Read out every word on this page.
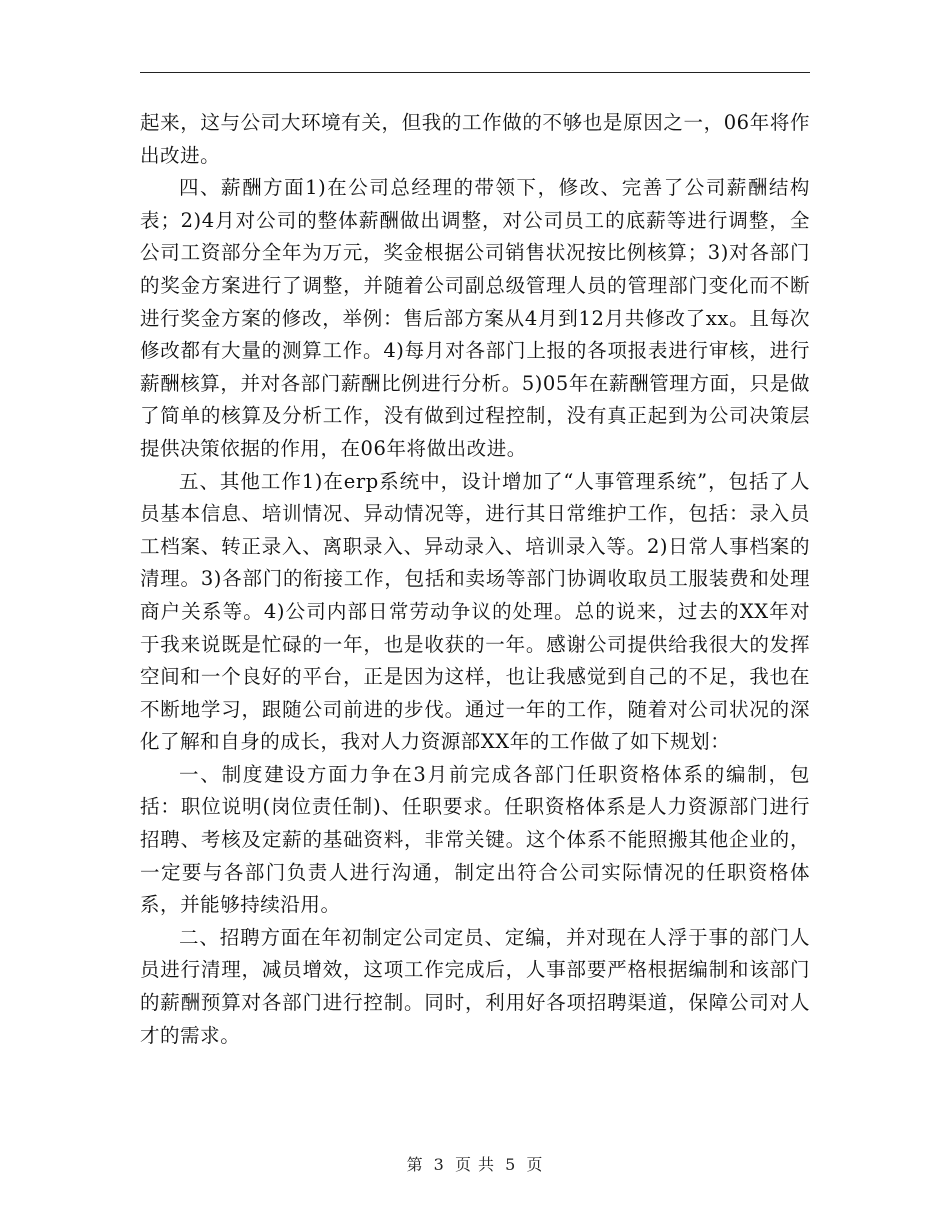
起来，这与公司大环境有关，但我的工作做的不够也是原因之一，06年将作出改进。

四、薪酬方面1)在公司总经理的带领下，修改、完善了公司薪酬结构表；2)4月对公司的整体薪酬做出调整，对公司员工的底薪等进行调整，全公司工资部分全年为万元，奖金根据公司销售状况按比例核算；3)对各部门的奖金方案进行了调整，并随着公司副总级管理人员的管理部门变化而不断进行奖金方案的修改，举例：售后部方案从4月到12月共修改了xx。且每次修改都有大量的测算工作。4)每月对各部门上报的各项报表进行审核，进行薪酬核算，并对各部门薪酬比例进行分析。5)05年在薪酬管理方面，只是做了简单的核算及分析工作，没有做到过程控制，没有真正起到为公司决策层提供决策依据的作用，在06年将做出改进。

五、其他工作1)在erp系统中，设计增加了“人事管理系统”，包括了人员基本信息、培训情况、异动情况等，进行其日常维护工作，包括：录入员工档案、转正录入、离职录入、异动录入、培训录入等。2)日常人事档案的清理。3)各部门的衔接工作，包括和卖场等部门协调收取员工服装费和处理商户关系等。4)公司内部日常劳动争议的处理。总的说来，过去的XX年对于我来说既是忙碌的一年，也是收获的一年。感谢公司提供给我很大的发挥空间和一个良好的平台，正是因为这样，也让我感觉到自己的不足，我也在不断地学习，跟随公司前进的步伐。通过一年的工作，随着对公司状况的深化了解和自身的成长，我对人力资源部XX年的工作做了如下规划：

一、制度建设方面力争在3月前完成各部门任职资格体系的编制，包括：职位说明(岗位责任制)、任职要求。任职资格体系是人力资源部门进行招聘、考核及定薪的基础资料，非常关键。这个体系不能照搬其他企业的，一定要与各部门负责人进行沟通，制定出符合公司实际情况的任职资格体系，并能够持续沿用。

二、招聘方面在年初制定公司定员、定编，并对现在人浮于事的部门人员进行清理，减员增效，这项工作完成后，人事部要严格根据编制和该部门的薪酬预算对各部门进行控制。同时，利用好各项招聘渠道，保障公司对人才的需求。

第 3 页 共 5 页
